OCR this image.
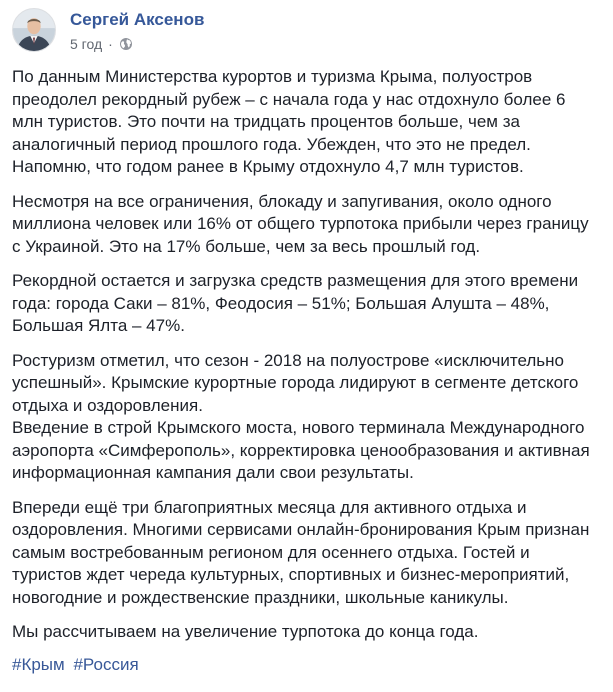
Сергей Аксенов
5 год ·

По данным Министерства курортов и туризма Крыма, полуостров
преодолел рекордный рубеж – с начала года у нас отдохнуло более 6
млн туристов. Это почти на тридцать процентов больше, чем за
аналогичный период прошлого года. Убежден, что это не предел.
Напомню, что годом ранее в Крыму отдохнуло 4,7 млн туристов.

Несмотря на все ограничения, блокаду и запугивания, около одного
миллиона человек или 16% от общего турпотока прибыли через границу
с Украиной. Это на 17% больше, чем за весь прошлый год.

Рекордной остается и загрузка средств размещения для этого времени
года: города Саки – 81%, Феодосия – 51%; Большая Алушта – 48%,
Большая Ялта – 47%.

Ростуризм отметил, что сезон - 2018 на полуострове «исключительно
успешный». Крымские курортные города лидируют в сегменте детского
отдыха и оздоровления.
Введение в строй Крымского моста, нового терминала Международного
аэропорта «Симферополь», корректировка ценообразования и активная
информационная кампания дали свои результаты.

Впереди ещё три благоприятных месяца для активного отдыха и
оздоровления. Многими сервисами онлайн-бронирования Крым признан
самым востребованным регионом для осеннего отдыха. Гостей и
туристов ждет череда культурных, спортивных и бизнес-мероприятий,
новогодние и рождественские праздники, школьные каникулы.

Мы рассчитываем на увеличение турпотока до конца года.

#Крым #Россия
